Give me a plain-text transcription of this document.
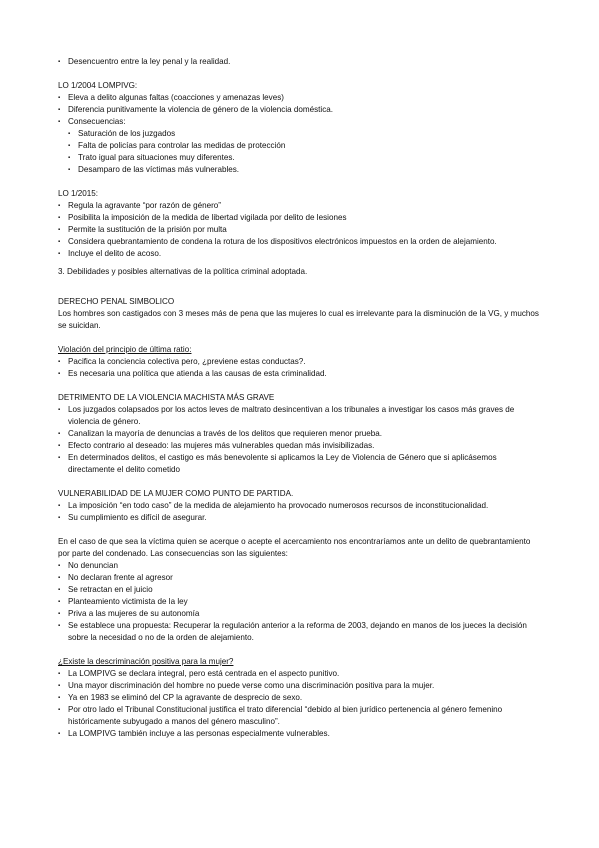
▪ Desencuentro entre la ley penal y la realidad.

LO 1/2004 LOMPIVG:

▪ Eleva a delito algunas faltas (coacciones y amenazas leves)
▪ Diferencia punitivamente la violencia de género de la violencia doméstica.
▪ Consecuencias:
▪ Saturación de los juzgados
▪ Falta de policías para controlar las medidas de protección
▪ Trato igual para situaciones muy diferentes.
▪ Desamparo de las víctimas más vulnerables.

LO 1/2015:

▪ Regula la agravante “por razón de género”
▪ Posibilita la imposición de la medida de libertad vigilada por delito de lesiones
▪ Permite la sustitución de la prisión por multa
▪ Considera quebrantamiento de condena la rotura de los dispositivos electrónicos impuestos en la orden de alejamiento.
▪ Incluye el delito de acoso.

3. Debilidades y posibles alternativas de la política criminal adoptada.

DERECHO PENAL SIMBOLICO

Los hombres son castigados con 3 meses más de pena que las mujeres lo cual es irrelevante para la disminución de la VG, y muchos se suicidan.

Violación del principio de última ratio:

▪ Pacifica la conciencia colectiva pero, ¿previene estas conductas?.
▪ Es necesaria una política que atienda a las causas de esta criminalidad.

DETRIMENTO DE LA VIOLENCIA MACHISTA MÁS GRAVE

▪ Los juzgados colapsados por los actos leves de maltrato desincentivan a los tribunales a investigar los casos más graves de violencia de género.
▪ Canalizan la mayoría de denuncias a través de los delitos que requieren menor prueba.
▪ Efecto contrario al deseado: las mujeres más vulnerables quedan más invisibilizadas.
▪ En determinados delitos, el castigo es más benevolente si aplicamos la Ley de Violencia de Género que si aplicásemos directamente el delito cometido

VULNERABILIDAD DE LA MUJER COMO PUNTO DE PARTIDA.

▪ La imposición “en todo caso” de la medida de alejamiento ha provocado numerosos recursos de inconstitucionalidad.
▪ Su cumplimiento es difícil de asegurar.

En el caso de que sea la víctima quien se acerque o acepte el acercamiento nos encontraríamos ante un delito de quebrantamiento por parte del condenado. Las consecuencias son las siguientes:

▪ No denuncian
▪ No declaran frente al agresor
▪ Se retractan en el juicio
▪ Planteamiento victimista de la ley
▪ Priva a las mujeres de su autonomía
▪ Se establece una propuesta: Recuperar la regulación anterior a la reforma de 2003, dejando en manos de los jueces la decisión sobre la necesidad o no de la orden de alejamiento.

¿Existe la descriminación positiva para la mujer?

▪ La LOMPIVG se declara integral, pero está centrada en el aspecto punitivo.
▪ Una mayor discriminación del hombre no puede verse como una discriminación positiva para la mujer.
▪ Ya en 1983 se eliminó del CP la agravante de desprecio de sexo.
▪ Por otro lado el Tribunal Constitucional justifica el trato diferencial “debido al bien jurídico pertenencia al género femenino históricamente subyugado a manos del género masculino”.
▪ La LOMPIVG también incluye a las personas especialmente vulnerables.
